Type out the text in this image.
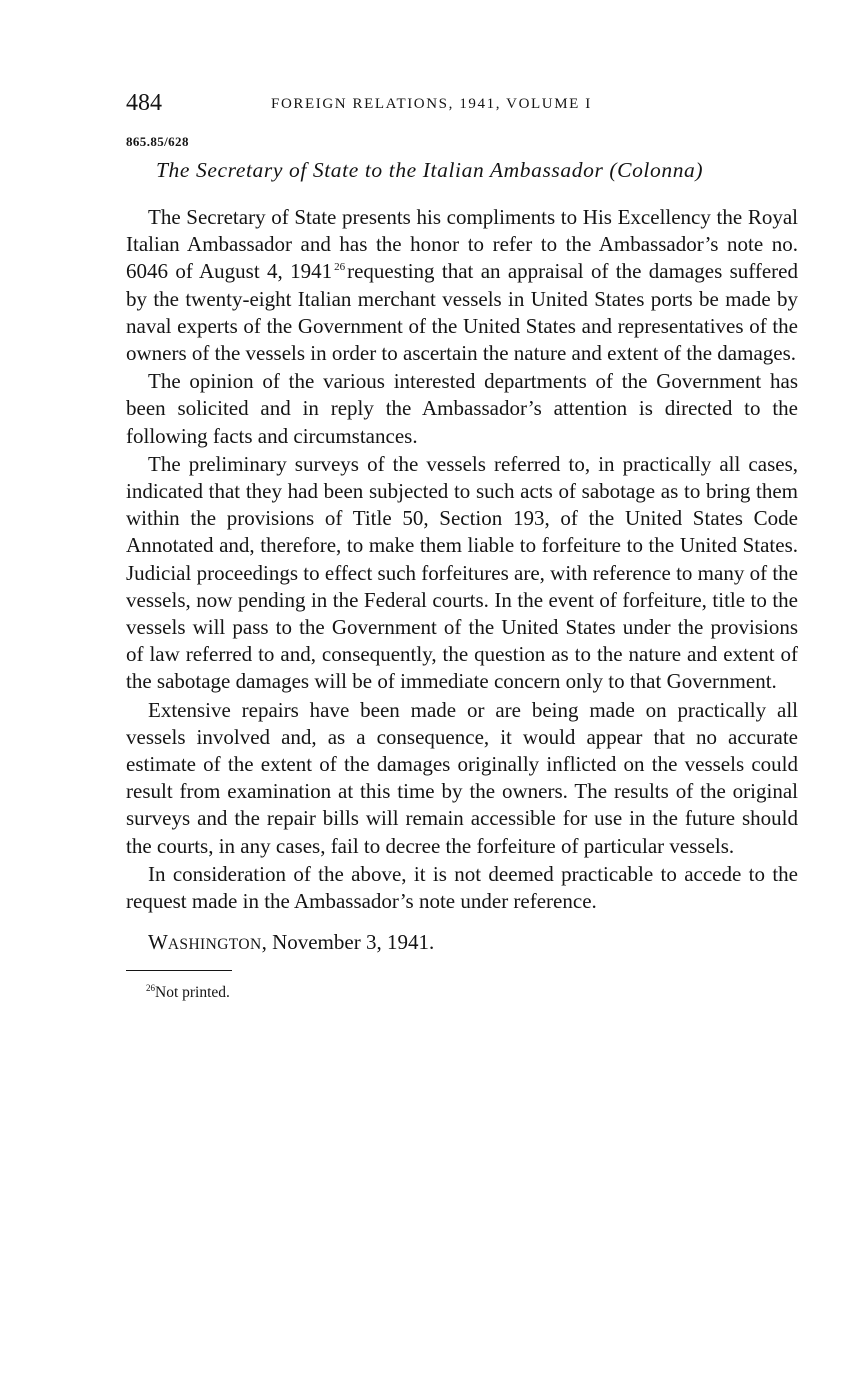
484	FOREIGN RELATIONS, 1941, VOLUME I
865.85/628
The Secretary of State to the Italian Ambassador (Colonna)

The Secretary of State presents his compliments to His Excellency the Royal Italian Ambassador and has the honor to refer to the Ambassador’s note no. 6046 of August 4, 1941 $^{26}$requesting that an appraisal of the damages suffered by the twenty-eight Italian merchant vessels in United States ports be made by naval experts of the Government of the United States and representatives of the owners of the vessels in order to ascertain the nature and extent of the damages.

The opinion of the various interested departments of the Government has been solicited and in reply the Ambassador’s attention is directed to the following facts and circumstances.

The preliminary surveys of the vessels referred to, in practically all cases, indicated that they had been subjected to such acts of sabotage as to bring them within the provisions of Title 50, Section 193, of the United States Code Annotated and, therefore, to make them liable to forfeiture to the United States. Judicial proceedings to effect such forfeitures are, with reference to many of the vessels, now pending in the Federal courts. In the event of forfeiture, title to the vessels will pass to the Government of the United States under the provisions of law referred to and, consequently, the question as to the nature and extent of the sabotage damages will be of immediate concern only to that Government.

Extensive repairs have been made or are being made on practically all vessels involved and, as a consequence, it would appear that no accurate estimate of the extent of the damages originally inflicted on the vessels could result from examination at this time by the owners. The results of the original surveys and the repair bills will remain accessible for use in the future should the courts, in any cases, fail to decree the forfeiture of particular vessels.

In consideration of the above, it is not deemed practicable to accede to the request made in the Ambassador’s note under reference.

WASHINGTON, November 3, 1941.
$^{26}$Not printed.
